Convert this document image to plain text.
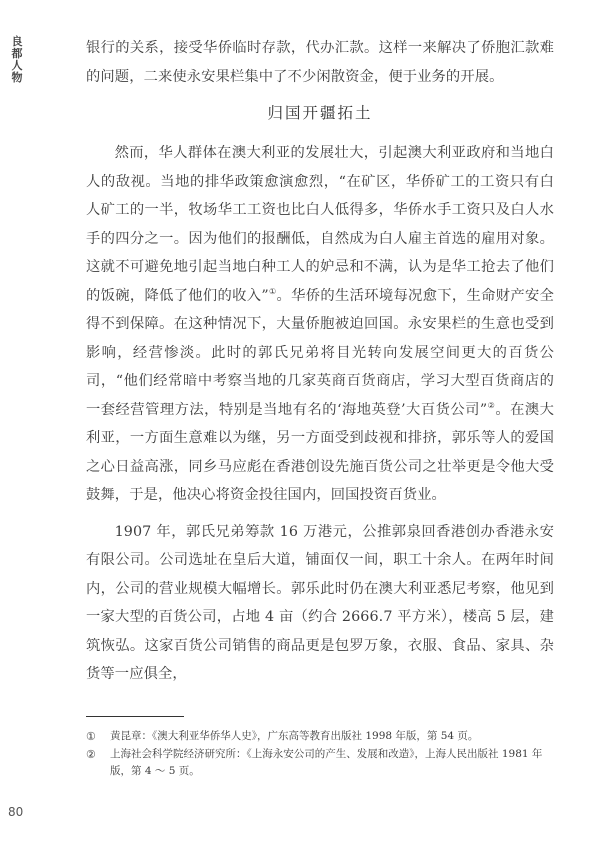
良都人物

银行的关系，接受华侨临时存款，代办汇款。这样一来解决了侨胞汇款难的问题，二来使永安果栏集中了不少闲散资金，便于业务的开展。

归国开疆拓土

然而，华人群体在澳大利亚的发展壮大，引起澳大利亚政府和当地白人的敌视。当地的排华政策愈演愈烈，“在矿区，华侨矿工的工资只有白人矿工的一半，牧场华工工资也比白人低得多，华侨水手工资只及白人水手的四分之一。因为他们的报酬低，自然成为白人雇主首选的雇用对象。这就不可避免地引起当地白种工人的妒忌和不满，认为是华工抢去了他们的饭碗，降低了他们的收入”①。华侨的生活环境每况愈下，生命财产安全得不到保障。在这种情况下，大量侨胞被迫回国。永安果栏的生意也受到影响，经营惨淡。此时的郭氏兄弟将目光转向发展空间更大的百货公司，“他们经常暗中考察当地的几家英商百货商店，学习大型百货商店的一套经营管理方法，特别是当地有名的‘海地英登’大百货公司”②。在澳大利亚，一方面生意难以为继，另一方面受到歧视和排挤，郭乐等人的爱国之心日益高涨，同乡马应彪在香港创设先施百货公司之壮举更是令他大受鼓舞，于是，他决心将资金投往国内，回国投资百货业。

1907 年，郭氏兄弟筹款 16 万港元，公推郭泉回香港创办香港永安有限公司。公司选址在皇后大道，铺面仅一间，职工十余人。在两年时间内，公司的营业规模大幅增长。郭乐此时仍在澳大利亚悉尼考察，他见到一家大型的百货公司，占地 4 亩（约合 2666.7 平方米），楼高 5 层，建筑恢弘。这家百货公司销售的商品更是包罗万象，衣服、食品、家具、杂货等一应俱全，

①	黄昆章：《澳大利亚华侨华人史》，广东高等教育出版社 1998 年版，第 54 页。
②	上海社会科学院经济研究所：《上海永安公司的产生、发展和改造》，上海人民出版社 1981 年版，第 4 ～ 5 页。
80
